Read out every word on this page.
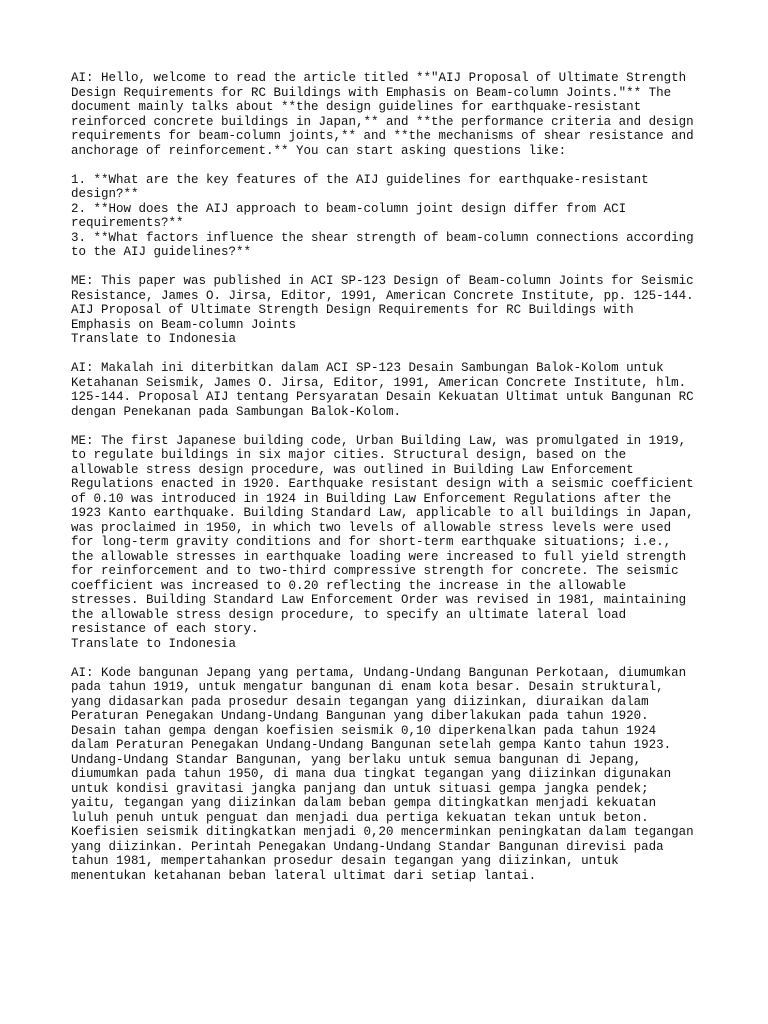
AI: Hello, welcome to read the article titled **"AIJ Proposal of Ultimate Strength
Design Requirements for RC Buildings with Emphasis on Beam-column Joints."** The
document mainly talks about **the design guidelines for earthquake-resistant
reinforced concrete buildings in Japan,** and **the performance criteria and design
requirements for beam-column joints,** and **the mechanisms of shear resistance and
anchorage of reinforcement.** You can start asking questions like:
1. **What are the key features of the AIJ guidelines for earthquake-resistant
design?**
2. **How does the AIJ approach to beam-column joint design differ from ACI
requirements?**
3. **What factors influence the shear strength of beam-column connections according
to the AIJ guidelines?**
ME: This paper was published in ACI SP-123 Design of Beam-column Joints for Seismic
Resistance, James O. Jirsa, Editor, 1991, American Concrete Institute, pp. 125-144.
AIJ Proposal of Ultimate Strength Design Requirements for RC Buildings with
Emphasis on Beam-column Joints
Translate to Indonesia
AI: Makalah ini diterbitkan dalam ACI SP-123 Desain Sambungan Balok-Kolom untuk
Ketahanan Seismik, James O. Jirsa, Editor, 1991, American Concrete Institute, hlm.
125-144. Proposal AIJ tentang Persyaratan Desain Kekuatan Ultimat untuk Bangunan RC
dengan Penekanan pada Sambungan Balok-Kolom.
ME: The first Japanese building code, Urban Building Law, was promulgated in 1919,
to regulate buildings in six major cities. Structural design, based on the
allowable stress design procedure, was outlined in Building Law Enforcement
Regulations enacted in 1920. Earthquake resistant design with a seismic coefficient
of 0.10 was introduced in 1924 in Building Law Enforcement Regulations after the
1923 Kanto earthquake. Building Standard Law, applicable to all buildings in Japan,
was proclaimed in 1950, in which two levels of allowable stress levels were used
for long-term gravity conditions and for short-term earthquake situations; i.e.,
the allowable stresses in earthquake loading were increased to full yield strength
for reinforcement and to two-third compressive strength for concrete. The seismic
coefficient was increased to 0.20 reflecting the increase in the allowable
stresses. Building Standard Law Enforcement Order was revised in 1981, maintaining
the allowable stress design procedure, to specify an ultimate lateral load
resistance of each story.
Translate to Indonesia
AI: Kode bangunan Jepang yang pertama, Undang-Undang Bangunan Perkotaan, diumumkan
pada tahun 1919, untuk mengatur bangunan di enam kota besar. Desain struktural,
yang didasarkan pada prosedur desain tegangan yang diizinkan, diuraikan dalam
Peraturan Penegakan Undang-Undang Bangunan yang diberlakukan pada tahun 1920.
Desain tahan gempa dengan koefisien seismik 0,10 diperkenalkan pada tahun 1924
dalam Peraturan Penegakan Undang-Undang Bangunan setelah gempa Kanto tahun 1923.
Undang-Undang Standar Bangunan, yang berlaku untuk semua bangunan di Jepang,
diumumkan pada tahun 1950, di mana dua tingkat tegangan yang diizinkan digunakan
untuk kondisi gravitasi jangka panjang dan untuk situasi gempa jangka pendek;
yaitu, tegangan yang diizinkan dalam beban gempa ditingkatkan menjadi kekuatan
luluh penuh untuk penguat dan menjadi dua pertiga kekuatan tekan untuk beton.
Koefisien seismik ditingkatkan menjadi 0,20 mencerminkan peningkatan dalam tegangan
yang diizinkan. Perintah Penegakan Undang-Undang Standar Bangunan direvisi pada
tahun 1981, mempertahankan prosedur desain tegangan yang diizinkan, untuk
menentukan ketahanan beban lateral ultimat dari setiap lantai.
